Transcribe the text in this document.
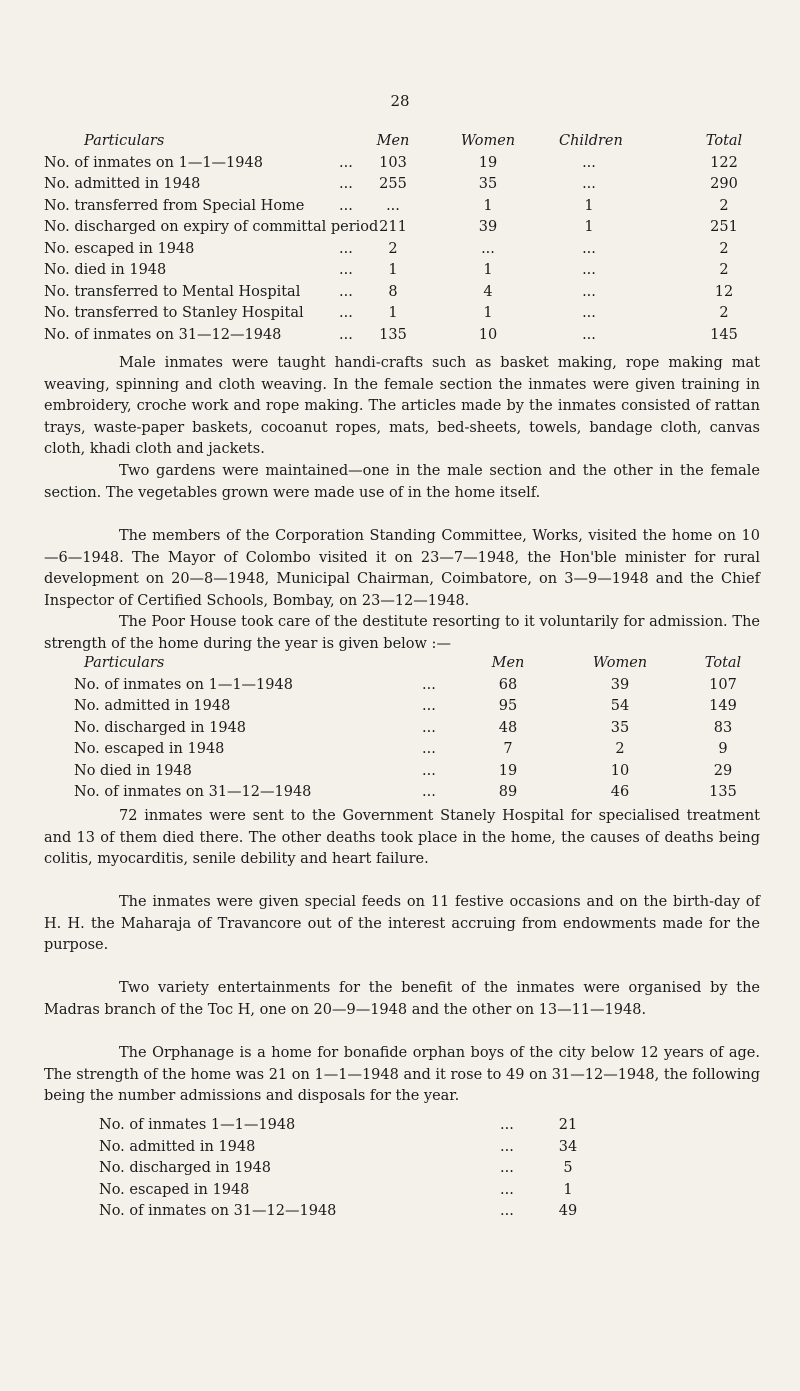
28
Particulars	Men	Women	Children	Total
No. of inmates on 1—1—1948	...	103	19	...	122
No. admitted in 1948	...	255	35	...	290
No. transferred from Special Home ...	...	1	1	2
No. discharged on expiry of committal period 211	39	1	251
No. escaped in 1948	...	2	...	...	2
No. died in 1948	...	1	1	...	2
No. transferred to Mental Hospital	...	8	4	...	12
No. transferred to Stanley Hospital ...	1	1	...	2
No. of inmates on 31—12—1948	...	135	10	...	145

Male inmates were taught handi-crafts such as basket making, rope making mat weaving, spinning and cloth weaving. In the female section the inmates were given training in embroidery, croche work and rope making. The articles made by the inmates consisted of rattan trays, waste-paper baskets, cocoanut ropes, mats, bed-sheets, towels, bandage cloth, canvas cloth, khadi cloth and jackets.

Two gardens were maintained—one in the male section and the other in the female section. The vegetables grown were made use of in the home itself.

The members of the Corporation Standing Committee, Works, visited the home on 10—6—1948. The Mayor of Colombo visited it on 23—7—1948, the Hon'ble minister for rural development on 20—8—1948, Municipal Chairman, Coimbatore, on 3—9—1948 and the Chief Inspector of Certified Schools, Bombay, on 23—12—1948.

The Poor House took care of the destitute resorting to it voluntarily for admission. The strength of the home during the year is given below :—

Particulars	Men	Women	Total
No. of inmates on 1—1—1948	...	68	39	107
No. admitted in 1948	...	95	54	149
No. discharged in 1948	...	48	35	83
No. escaped in 1948	...	7	2	9
No died in 1948	...	19	10	29
No. of inmates on 31—12—1948	...	89	46	135

72 inmates were sent to the Government Stanely Hospital for specialised treatment and 13 of them died there. The other deaths took place in the home, the causes of deaths being colitis, myocarditis, senile debility and heart failure.

The inmates were given special feeds on 11 festive occasions and on the birth-day of H. H. the Maharaja of Travancore out of the interest accruing from endowments made for the purpose.

Two variety entertainments for the benefit of the inmates were organised by the Madras branch of the Toc H, one on 20—9—1948 and the other on 13—11—1948.

The Orphanage is a home for bonafide orphan boys of the city below 12 years of age. The strength of the home was 21 on 1—1—1948 and it rose to 49 on 31—12—1948, the following being the number admissions and disposals for the year.

No. of inmates 1—1—1948	...	21
No. admitted in 1948	...	34
No. discharged in 1948	...	5
No. escaped in 1948	...	1
No. of inmates on 31—12—1948	...	49
